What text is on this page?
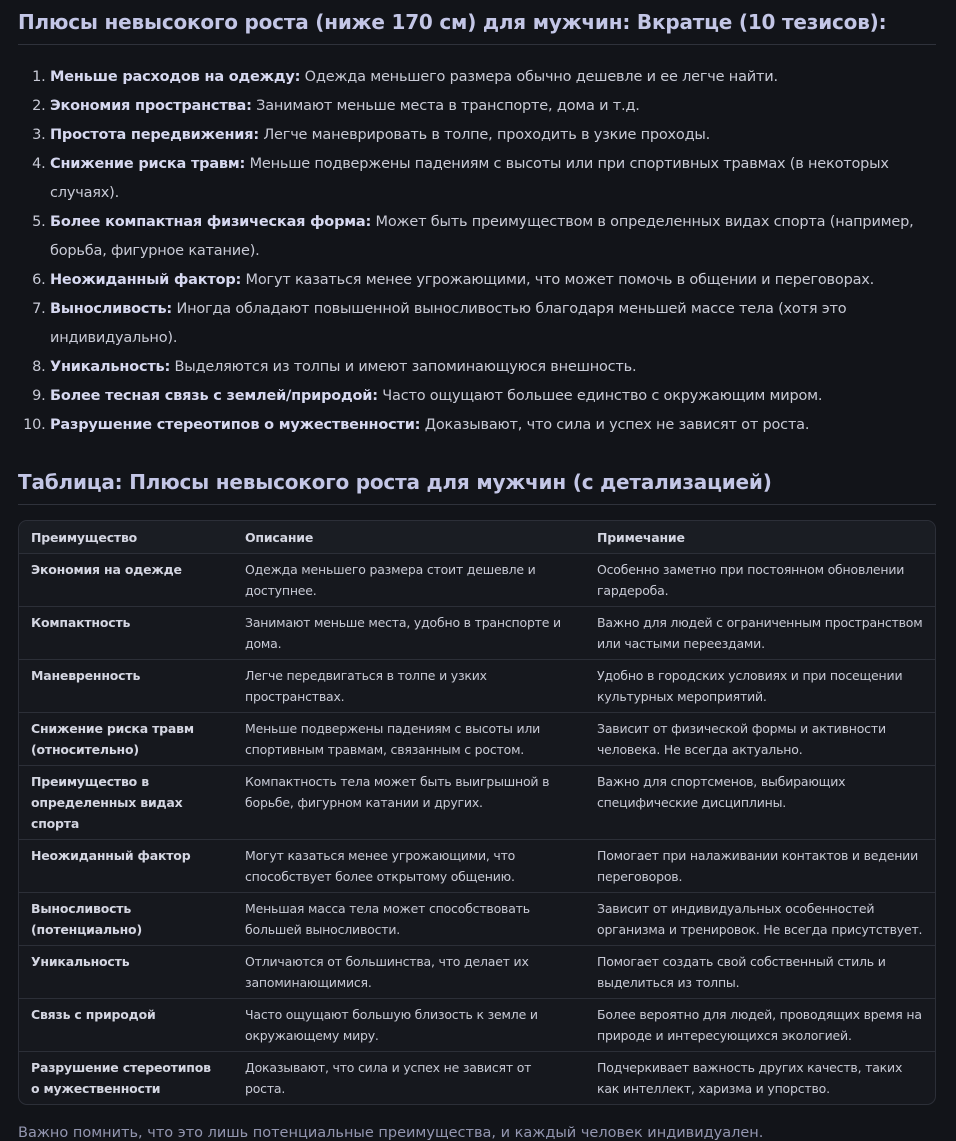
Плюсы невысокого роста (ниже 170 см) для мужчин: Вкратце (10 тезисов):
1. Меньше расходов на одежду: Одежда меньшего размера обычно дешевле и ее легче найти.
2. Экономия пространства: Занимают меньше места в транспорте, дома и т.д.
3. Простота передвижения: Легче маневрировать в толпе, проходить в узкие проходы.
4. Снижение риска травм: Меньше подвержены падениям с высоты или при спортивных травмах (в некоторых случаях).
5. Более компактная физическая форма: Может быть преимуществом в определенных видах спорта (например, борьба, фигурное катание).
6. Неожиданный фактор: Могут казаться менее угрожающими, что может помочь в общении и переговорах.
7. Выносливость: Иногда обладают повышенной выносливостью благодаря меньшей массе тела (хотя это индивидуально).
8. Уникальность: Выделяются из толпы и имеют запоминающуюся внешность.
9. Более тесная связь с землей/природой: Часто ощущают большее единство с окружающим миром.
10. Разрушение стереотипов о мужественности: Доказывают, что сила и успех не зависят от роста.
Таблица: Плюсы невысокого роста для мужчин (с детализацией)
Преимущество	Описание	Примечание
Экономия на одежде	Одежда меньшего размера стоит дешевле и доступнее.	Особенно заметно при постоянном обновлении гардероба.
Компактность	Занимают меньше места, удобно в транспорте и дома.	Важно для людей с ограниченным пространством или частыми переездами.
Маневренность	Легче передвигаться в толпе и узких пространствах.	Удобно в городских условиях и при посещении культурных мероприятий.
Снижение риска травм (относительно)	Меньше подвержены падениям с высоты или спортивным травмам, связанным с ростом.	Зависит от физической формы и активности человека. Не всегда актуально.
Преимущество в определенных видах спорта	Компактность тела может быть выигрышной в борьбе, фигурном катании и других.	Важно для спортсменов, выбирающих специфические дисциплины.
Неожиданный фактор	Могут казаться менее угрожающими, что способствует более открытому общению.	Помогает при налаживании контактов и ведении переговоров.
Выносливость (потенциально)	Меньшая масса тела может способствовать большей выносливости.	Зависит от индивидуальных особенностей организма и тренировок. Не всегда присутствует.
Уникальность	Отличаются от большинства, что делает их запоминающимися.	Помогает создать свой собственный стиль и выделиться из толпы.
Связь с природой	Часто ощущают большую близость к земле и окружающему миру.	Более вероятно для людей, проводящих время на природе и интересующихся экологией.
Разрушение стереотипов о мужественности	Доказывают, что сила и успех не зависят от роста.	Подчеркивает важность других качеств, таких как интеллект, харизма и упорство.
Важно помнить, что это лишь потенциальные преимущества, и каждый человек индивидуален.
